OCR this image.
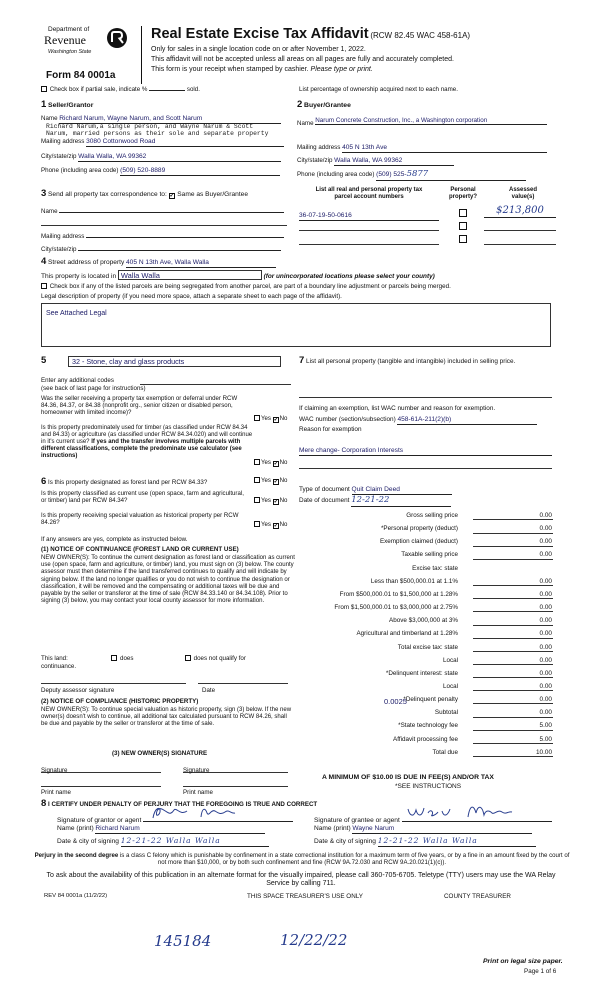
Department of
Revenue
Washington State
Form 84 0001a
Real Estate Excise Tax Affidavit (RCW 82.45 WAC 458-61A)
Only for sales in a single location code on or after November 1, 2022.
This affidavit will not be accepted unless all areas on all pages are fully and accurately completed.
This form is your receipt when stamped by cashier. Please type or print.
Check box if partial sale, indicate %	sold.	List percentage of ownership acquired next to each name.
1 Seller/Grantor
Name Richard Narum, Wayne Narum, and Scott Narum
Richard Narum,a single person, and Wayne Narum & Scott
Narum, married persons as their sole and separate property
Mailing address 3080 Cottonwood Road
City/state/zip Walla Walla, WA 99362
Phone (including area code) (509) 520-8889
2 Buyer/Grantee
Name Narum Concrete Construction, Inc., a Washington corporation
Mailing address 405 N 13th Ave
City/state/zip Walla Walla, WA 99362
Phone (including area code) (509) 525-5877
3 Send all property tax correspondence to: ✓ Same as Buyer/Grantee
Name
Mailing address
City/state/zip
List all real and personal property tax
parcel account numbers
Personal
property?
Assessed
value(s)
36-07-19-50-0616	$213,800
4 Street address of property 405 N 13th Ave, Walla Walla
This property is located in Walla Walla	(for unincorporated locations please select your county)
Check box if any of the listed parcels are being segregated from another parcel, are part of a boundary line adjustment or parcels being merged.
Legal description of property (if you need more space, attach a separate sheet to each page of the affidavit).
See Attached Legal
5	32 - Stone, clay and glass products
Enter any additional codes
(see back of last page for instructions)
Was the seller receiving a property tax exemption or deferral under RCW 84.36, 84.37, or 84.38 (nonprofit org., senior citizen or disabled person, homeowner with limited income)?
Yes ✓No
Is this property predominately used for timber (as classified under RCW 84.34 and 84.33) or agriculture (as classified under RCW 84.34.020) and will continue in it's current use? If yes and the transfer involves multiple parcels with different classifications, complete the predominate use calculator (see instructions)
Yes ✓No
6 Is this property designated as forest land per RCW 84.33?	Yes ✓No
Is this property classified as current use (open space, farm and agricultural, or timber) land per RCW 84.34?	Yes ✓No
Is this property receiving special valuation as historical property per RCW 84.26?	Yes ✓No
If any answers are yes, complete as instructed below.
(1) NOTICE OF CONTINUANCE (FOREST LAND OR CURRENT USE)
NEW OWNER(S): To continue the current designation as forest land or classification as current use (open space, farm and agriculture, or timber) land, you must sign on (3) below. The county assessor must then determine if the land transferred continues to qualify and will indicate by signing below. If the land no longer qualifies or you do not wish to continue the designation or classification, it will be removed and the compensating or additional taxes will be due and payable by the seller or transferor at the time of sale (RCW 84.33.140 or 84.34.108). Prior to signing (3) below, you may contact your local county assessor for more information.
This land:	does	does not qualify for
continuance.
Deputy assessor signature	Date
(2) NOTICE OF COMPLIANCE (HISTORIC PROPERTY)
NEW OWNER(S): To continue special valuation as historic property, sign (3) below. If the new owner(s) doesn't wish to continue, all additional tax calculated pursuant to RCW 84.26, shall be due and payable by the seller or transferor at the time of sale.
(3) NEW OWNER(S) SIGNATURE
Signature	Signature
Print name	Print name
7 List all personal property (tangible and intangible) included in selling price.
If claiming an exemption, list WAC number and reason for exemption.
WAC number (section/subsection) 458-61A-211(2)(b)
Reason for exemption
Mere change- Corporation Interests
Type of document Quit Claim Deed
Date of document 12-21-22
Gross selling price	0.00
*Personal property (deduct)	0.00
Exemption claimed (deduct)	0.00
Taxable selling price	0.00
Excise tax: state
Less than $500,000.01 at 1.1%	0.00
From $500,000.01 to $1,500,000 at 1.28%	0.00
From $1,500,000.01 to $3,000,000 at 2.75%	0.00
Above $3,000,000 at 3%	0.00
Agricultural and timberland at 1.28%	0.00
Total excise tax: state	0.00
Local	0.00
*Delinquent interest: state	0.00
Local	0.00
*Delinquent penalty	0.00
Subtotal	0.00
*State technology fee	5.00
Affidavit processing fee	5.00
Total due	10.00
0.0025
A MINIMUM OF $10.00 IS DUE IN FEE(S) AND/OR TAX
*SEE INSTRUCTIONS
8 I CERTIFY UNDER PENALTY OF PERJURY THAT THE FOREGOING IS TRUE AND CORRECT
Signature of grantor or agent
Name (print) Richard Narum
Date & city of signing 12-21-22 Walla Walla
Signature of grantee or agent
Name (print) Wayne Narum
Date & city of signing 12-21-22 Walla Walla
Perjury in the second degree is a class C felony which is punishable by confinement in a state correctional institution for a maximum term of five years, or by a fine in an amount fixed by the court of not more than $10,000, or by both such confinement and fine (RCW 9A.72.030 and RCW 9A.20.021(1)(c)).
To ask about the availability of this publication in an alternate format for the visually impaired, please call 360-705-6705. Teletype (TTY) users may use the WA Relay Service by calling 711.
REV 84 0001a (11/2/22)	THIS SPACE TREASURER'S USE ONLY	COUNTY TREASURER
145184	12/22/22
Print on legal size paper.
Page 1 of 6
